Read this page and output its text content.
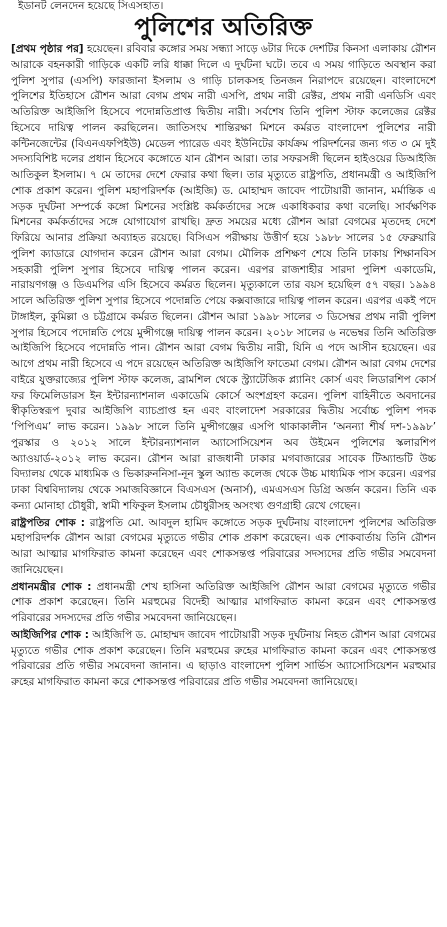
ইডানট লেনদেন হয়েছে সিএসহাত।
পুলিশের অতিরিক্ত

[প্রথম পৃষ্ঠার পর] হয়েছেন। রবিবার কঙ্গোর সময় সন্ধ্যা সাড়ে ৬টার দিকে দেশটির কিনসা এলাকায় রৌশন আরাকে বহনকারী গাড়িকে একটি লরি ধাক্কা দিলে এ দুর্ঘটনা ঘটে। তবে এ সময় গাড়িতে অবস্থান করা পুলিশ সুপার (এসপি) ফারজানা ইসলাম ও গাড়ি চালকসহ তিনজন নিরাপদে রয়েছেন। বাংলাদেশে পুলিশের ইতিহাসে রৌশন আরা বেগম প্রথম নারী এসপি, প্রথম নারী রেক্টর, প্রথম নারী এনডিসি এবং অতিরিক্ত আইজিপি হিসেবে পদোন্নতিপ্রাপ্ত দ্বিতীয় নারী। সর্বশেষ তিনি পুলিশ স্টাফ কলেজের রেক্টর হিসেবে দায়িত্ব পালন করছিলেন। জাতিসংঘ শান্তিরক্ষা মিশনে কর্মরত বাংলাদেশ পুলিশের নারী কন্টিনজেন্টের (বিএনএফপিইউ) মেডেল প্যারেড এবং ইউনিটের কার্যক্রম পরিদর্শনের জন্য গত ৩ মে দুই সদস্যবিশিষ্ট দলের প্রধান হিসেবে কঙ্গোতে যান রৌশন আরা। তার সফরসঙ্গী ছিলেন হাইওয়ের ডিআইজি আতিকুল ইসলাম। ৭ মে তাদের দেশে ফেরার কথা ছিল। তার মৃত্যুতে রাষ্ট্রপতি, প্রধানমন্ত্রী ও আইজিপি শোক প্রকাশ করেন। পুলিশ মহাপরিদর্শক (আইজি) ড. মোহাম্মদ জাবেদ পাটোয়ারী জানান, মর্মান্তিক এ সড়ক দুর্ঘটনা সম্পর্কে কঙ্গো মিশনের সংশ্লিষ্ট কর্মকর্তাদের সঙ্গে একাধিকবার কথা বলেছি। সার্বক্ষণিক মিশনের কর্মকর্তাদের সঙ্গে যোগাযোগ রাখছি। দ্রুত সময়ের মধ্যে রৌশন আরা বেগমের মৃতদেহ দেশে ফিরিয়ে আনার প্রক্রিয়া অব্যাহত রয়েছে। বিসিএস পরীক্ষায় উত্তীর্ণ হয়ে ১৯৮৮ সালের ১৫ ফেব্রুয়ারি পুলিশ ক্যাডারে যোগদান করেন রৌশন আরা বেগম। মৌলিক প্রশিক্ষণ শেষে তিনি ঢাকায় শিক্ষানবিস সহকারী পুলিশ সুপার হিসেবে দায়িত্ব পালন করেন। এরপর রাজশাহীর সারদা পুলিশ একাডেমি, নারায়ণগঞ্জ ও ডিএমপির এসি হিসেবে কর্মরত ছিলেন। মৃত্যুকালে তার বয়স হয়েছিল ৫৭ বছর। ১৯৯৪ সালে অতিরিক্ত পুলিশ সুপার হিসেবে পদোন্নতি পেয়ে কক্সবাজারে দায়িত্ব পালন করেন। এরপর একই পদে টাঙ্গাইল, কুমিল্লা ও চট্টগ্রামে কর্মরত ছিলেন। রৌশন আরা ১৯৯৮ সালের ৩ ডিসেম্বর প্রথম নারী পুলিশ সুপার হিসেবে পদোন্নতি পেয়ে মুন্সীগঞ্জে দায়িত্ব পালন করেন। ২০১৮ সালের ৬ নভেম্বর তিনি অতিরিক্ত আইজিপি হিসেবে পদোন্নতি পান। রৌশন আরা বেগম দ্বিতীয় নারী, যিনি এ পদে আসীন হয়েছেন। এর আগে প্রথম নারী হিসেবে এ পদে রয়েছেন অতিরিক্ত আইজিপি ফাতেমা বেগম। রৌশন আরা বেগম দেশের বাইরে যুক্তরাজ্যের পুলিশ স্টাফ কলেজ, ব্রামশিল থেকে স্ট্র্যাটেজিক প্ল্যানিং কোর্স এবং লিডারশিপ কোর্স ফর ফিমেলিডারস ইন ইন্টারন্যাশনাল একাডেমি কোর্সে অংশগ্রহণ করেন। পুলিশ বাহিনীতে অবদানের স্বীকৃতিস্বরূপ দুবার আইজিপি ব্যাচপ্রাপ্ত হন এবং বাংলাদেশ সরকারের দ্বিতীয় সর্বোচ্চ পুলিশ পদক ‘পিপিএম’ লাভ করেন। ১৯৯৮ সালে তিনি মুন্সীগঞ্জের এসপি থাকাকালীন ‘অনন্যা শীর্ষ দশ-১৯৯৮’ পুরস্কার ও ২০১২ সালে ইন্টারন্যাশনাল অ্যাসোসিয়েশন অব উইমেন পুলিশের স্কলারশিপ অ্যাওয়ার্ড-২০১২ লাভ করেন। রৌশন আরা রাজধানী ঢাকার মগবাজারের সাবেক টিঅ্যান্ডটি উচ্চ বিদ্যালয় থেকে মাধ্যমিক ও ভিকারুননিসা-নূন স্কুল অ্যান্ড কলেজ থেকে উচ্চ মাধ্যমিক পাস করেন। এরপর ঢাকা বিশ্ববিদ্যালয় থেকে সমাজবিজ্ঞানে বিএসএস (অনার্স), এমএসএস ডিগ্রি অর্জন করেন। তিনি এক কন্যা মোনাহা চৌধুরী, স্বামী শফিকুল ইসলাম চৌধুরীসহ অসংখ্য গুণগ্রাহী রেখে গেছেন।

রাষ্ট্রপতির শোক : রাষ্ট্রপতি মো. আবদুল হামিদ কঙ্গোতে সড়ক দুর্ঘটনায় বাংলাদেশ পুলিশের অতিরিক্ত মহাপরিদর্শক রৌশন আরা বেগমের মৃত্যুতে গভীর শোক প্রকাশ করেছেন। এক শোকবার্তায় তিনি রৌশন আরা আত্মার মাগফিরাত কামনা করেছেন এবং শোকসন্তপ্ত পরিবারের সদস্যদের প্রতি গভীর সমবেদনা জানিয়েছেন।

প্রধানমন্ত্রীর শোক : প্রধানমন্ত্রী শেখ হাসিনা অতিরিক্ত আইজিপি রৌশন আরা বেগমের মৃত্যুতে গভীর শোক প্রকাশ করেছেন। তিনি মরহুমের বিদেহী আত্মার মাগফিরাত কামনা করেন এবং শোকসন্তপ্ত পরিবারের সদস্যদের প্রতি গভীর সমবেদনা জানিয়েছেন।

আইজিপির শোক : আইজিপি ড. মোহাম্মদ জাবেদ পাটোয়ারী সড়ক দুর্ঘটনায় নিহত রৌশন আরা বেগমের মৃত্যুতে গভীর শোক প্রকাশ করেছেন। তিনি মরহুমের রুহের মাগফিরাত কামনা করেন এবং শোকসন্তপ্ত পরিবারের প্রতি গভীর সমবেদনা জানান। এ ছাড়াও বাংলাদেশ পুলিশ সার্ভিস অ্যাসোসিয়েশন মরহুমার রুহের মাগফিরাত কামনা করে শোকসন্তপ্ত পরিবারের প্রতি গভীর সমবেদনা জানিয়েছে।
